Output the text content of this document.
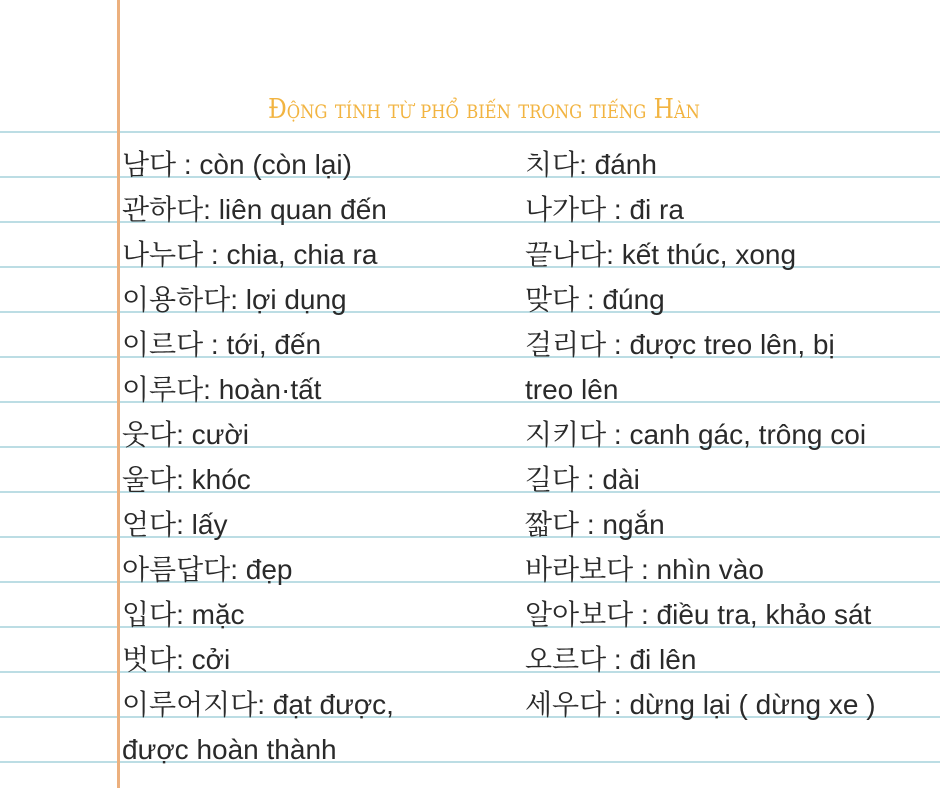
Động tính từ phổ biến trong tiếng Hàn
남다 : còn (còn lại)
관하다: liên quan đến
나누다 : chia, chia ra
이용하다: lợi dụng
이르다 : tới, đến
이루다: hoàn·tất
웃다: cười
울다: khóc
얻다: lấy
아름답다: đẹp
입다: mặc
벗다: cởi
이루어지다: đạt được,
được hoàn thành
치다: đánh
나가다 : đi ra
끝나다: kết thúc, xong
맞다 : đúng
걸리다 : được treo lên, bị
treo lên
지키다 : canh gác, trông coi
길다 : dài
짧다 : ngắn
바라보다 : nhìn vào
알아보다 : điều tra, khảo sát
오르다 : đi lên
세우다 : dừng lại ( dừng xe )
